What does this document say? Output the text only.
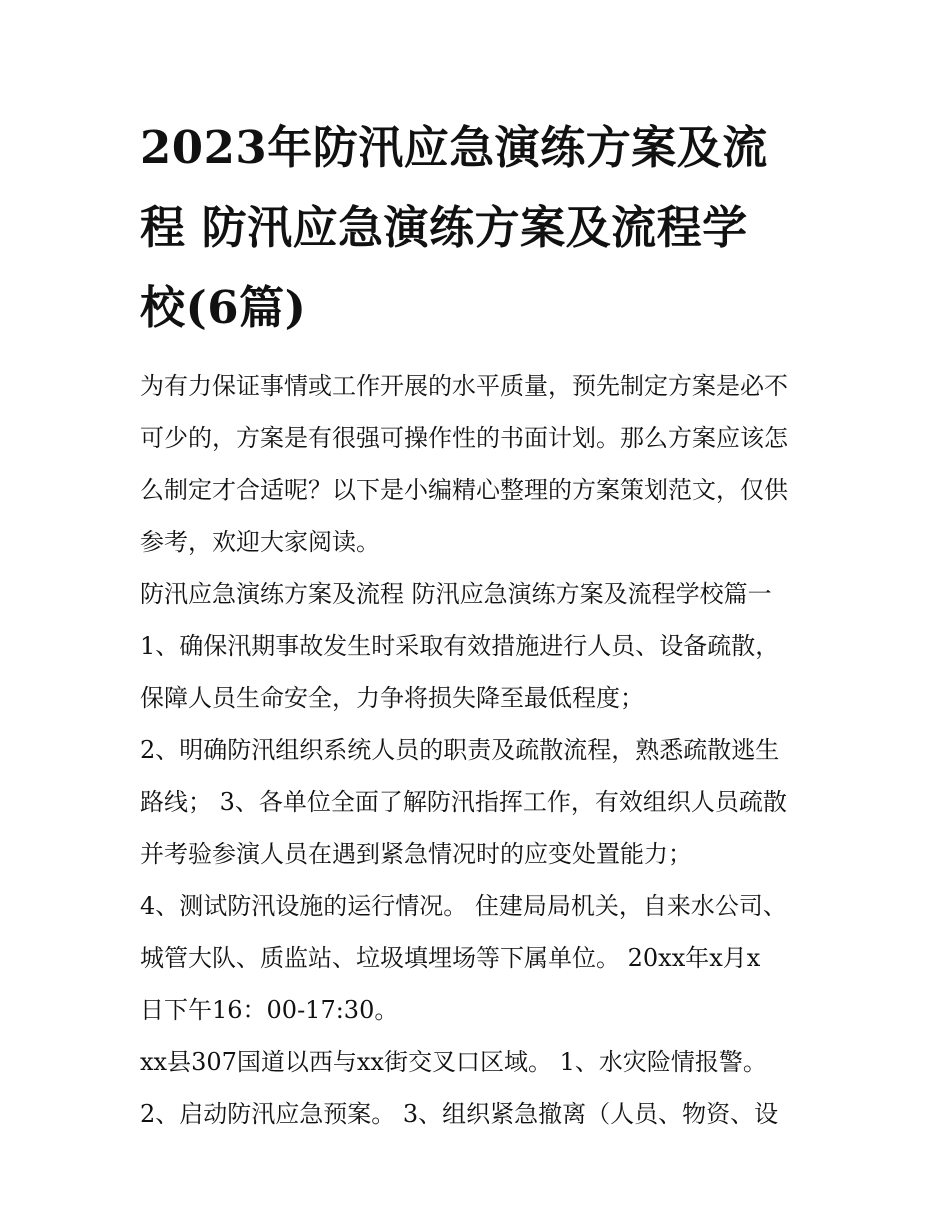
2023年防汛应急演练方案及流

程 防汛应急演练方案及流程学

校(6篇)

为有力保证事情或工作开展的水平质量，预先制定方案是必不

可少的，方案是有很强可操作性的书面计划。那么方案应该怎

么制定才合适呢？以下是小编精心整理的方案策划范文，仅供

参考，欢迎大家阅读。

防汛应急演练方案及流程 防汛应急演练方案及流程学校篇一

1、确保汛期事故发生时采取有效措施进行人员、设备疏散，

保障人员生命安全，力争将损失降至最低程度；

2、明确防汛组织系统人员的职责及疏散流程，熟悉疏散逃生

路线； 3、各单位全面了解防汛指挥工作，有效组织人员疏散

并考验参演人员在遇到紧急情况时的应变处置能力；

4、测试防汛设施的运行情况。 住建局局机关，自来水公司、

城管大队、质监站、垃圾填埋场等下属单位。 20xx年x月x

日下午16：00-17:30。

xx县307国道以西与xx街交叉口区域。 1、水灾险情报警。

2、启动防汛应急预案。 3、组织紧急撤离（人员、物资、设
